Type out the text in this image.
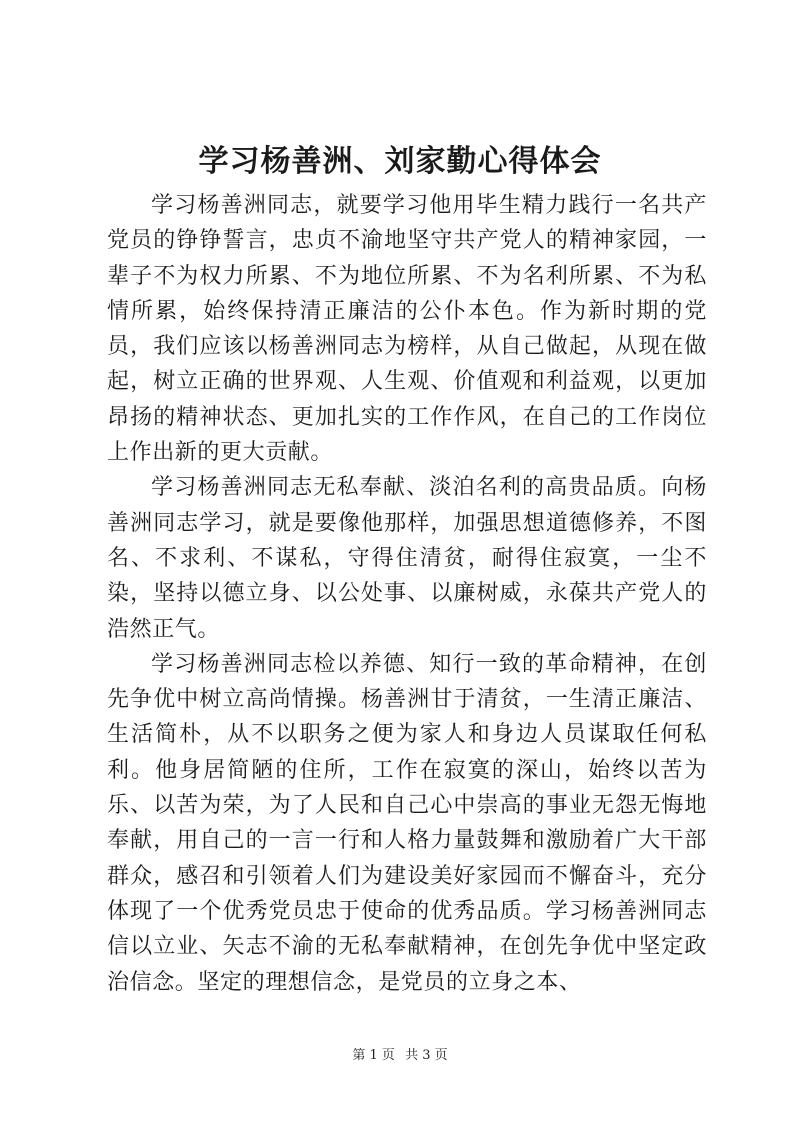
学习杨善洲、刘家勤心得体会

学习杨善洲同志，就要学习他用毕生精力践行一名共产党员的铮铮誓言，忠贞不渝地坚守共产党人的精神家园，一辈子不为权力所累、不为地位所累、不为名利所累、不为私情所累，始终保持清正廉洁的公仆本色。作为新时期的党员，我们应该以杨善洲同志为榜样，从自己做起，从现在做起，树立正确的世界观、人生观、价值观和利益观，以更加昂扬的精神状态、更加扎实的工作作风，在自己的工作岗位上作出新的更大贡献。

学习杨善洲同志无私奉献、淡泊名利的高贵品质。向杨善洲同志学习，就是要像他那样，加强思想道德修养，不图名、不求利、不谋私，守得住清贫，耐得住寂寞，一尘不染，坚持以德立身、以公处事、以廉树威，永葆共产党人的浩然正气。

学习杨善洲同志检以养德、知行一致的革命精神，在创先争优中树立高尚情操。杨善洲甘于清贫，一生清正廉洁、生活简朴，从不以职务之便为家人和身边人员谋取任何私利。他身居简陋的住所，工作在寂寞的深山，始终以苦为乐、以苦为荣，为了人民和自己心中崇高的事业无怨无悔地奉献，用自己的一言一行和人格力量鼓舞和激励着广大干部群众，感召和引领着人们为建设美好家园而不懈奋斗，充分体现了一个优秀党员忠于使命的优秀品质。学习杨善洲同志信以立业、矢志不渝的无私奉献精神，在创先争优中坚定政治信念。坚定的理想信念，是党员的立身之本、

第 1 页 共 3 页
